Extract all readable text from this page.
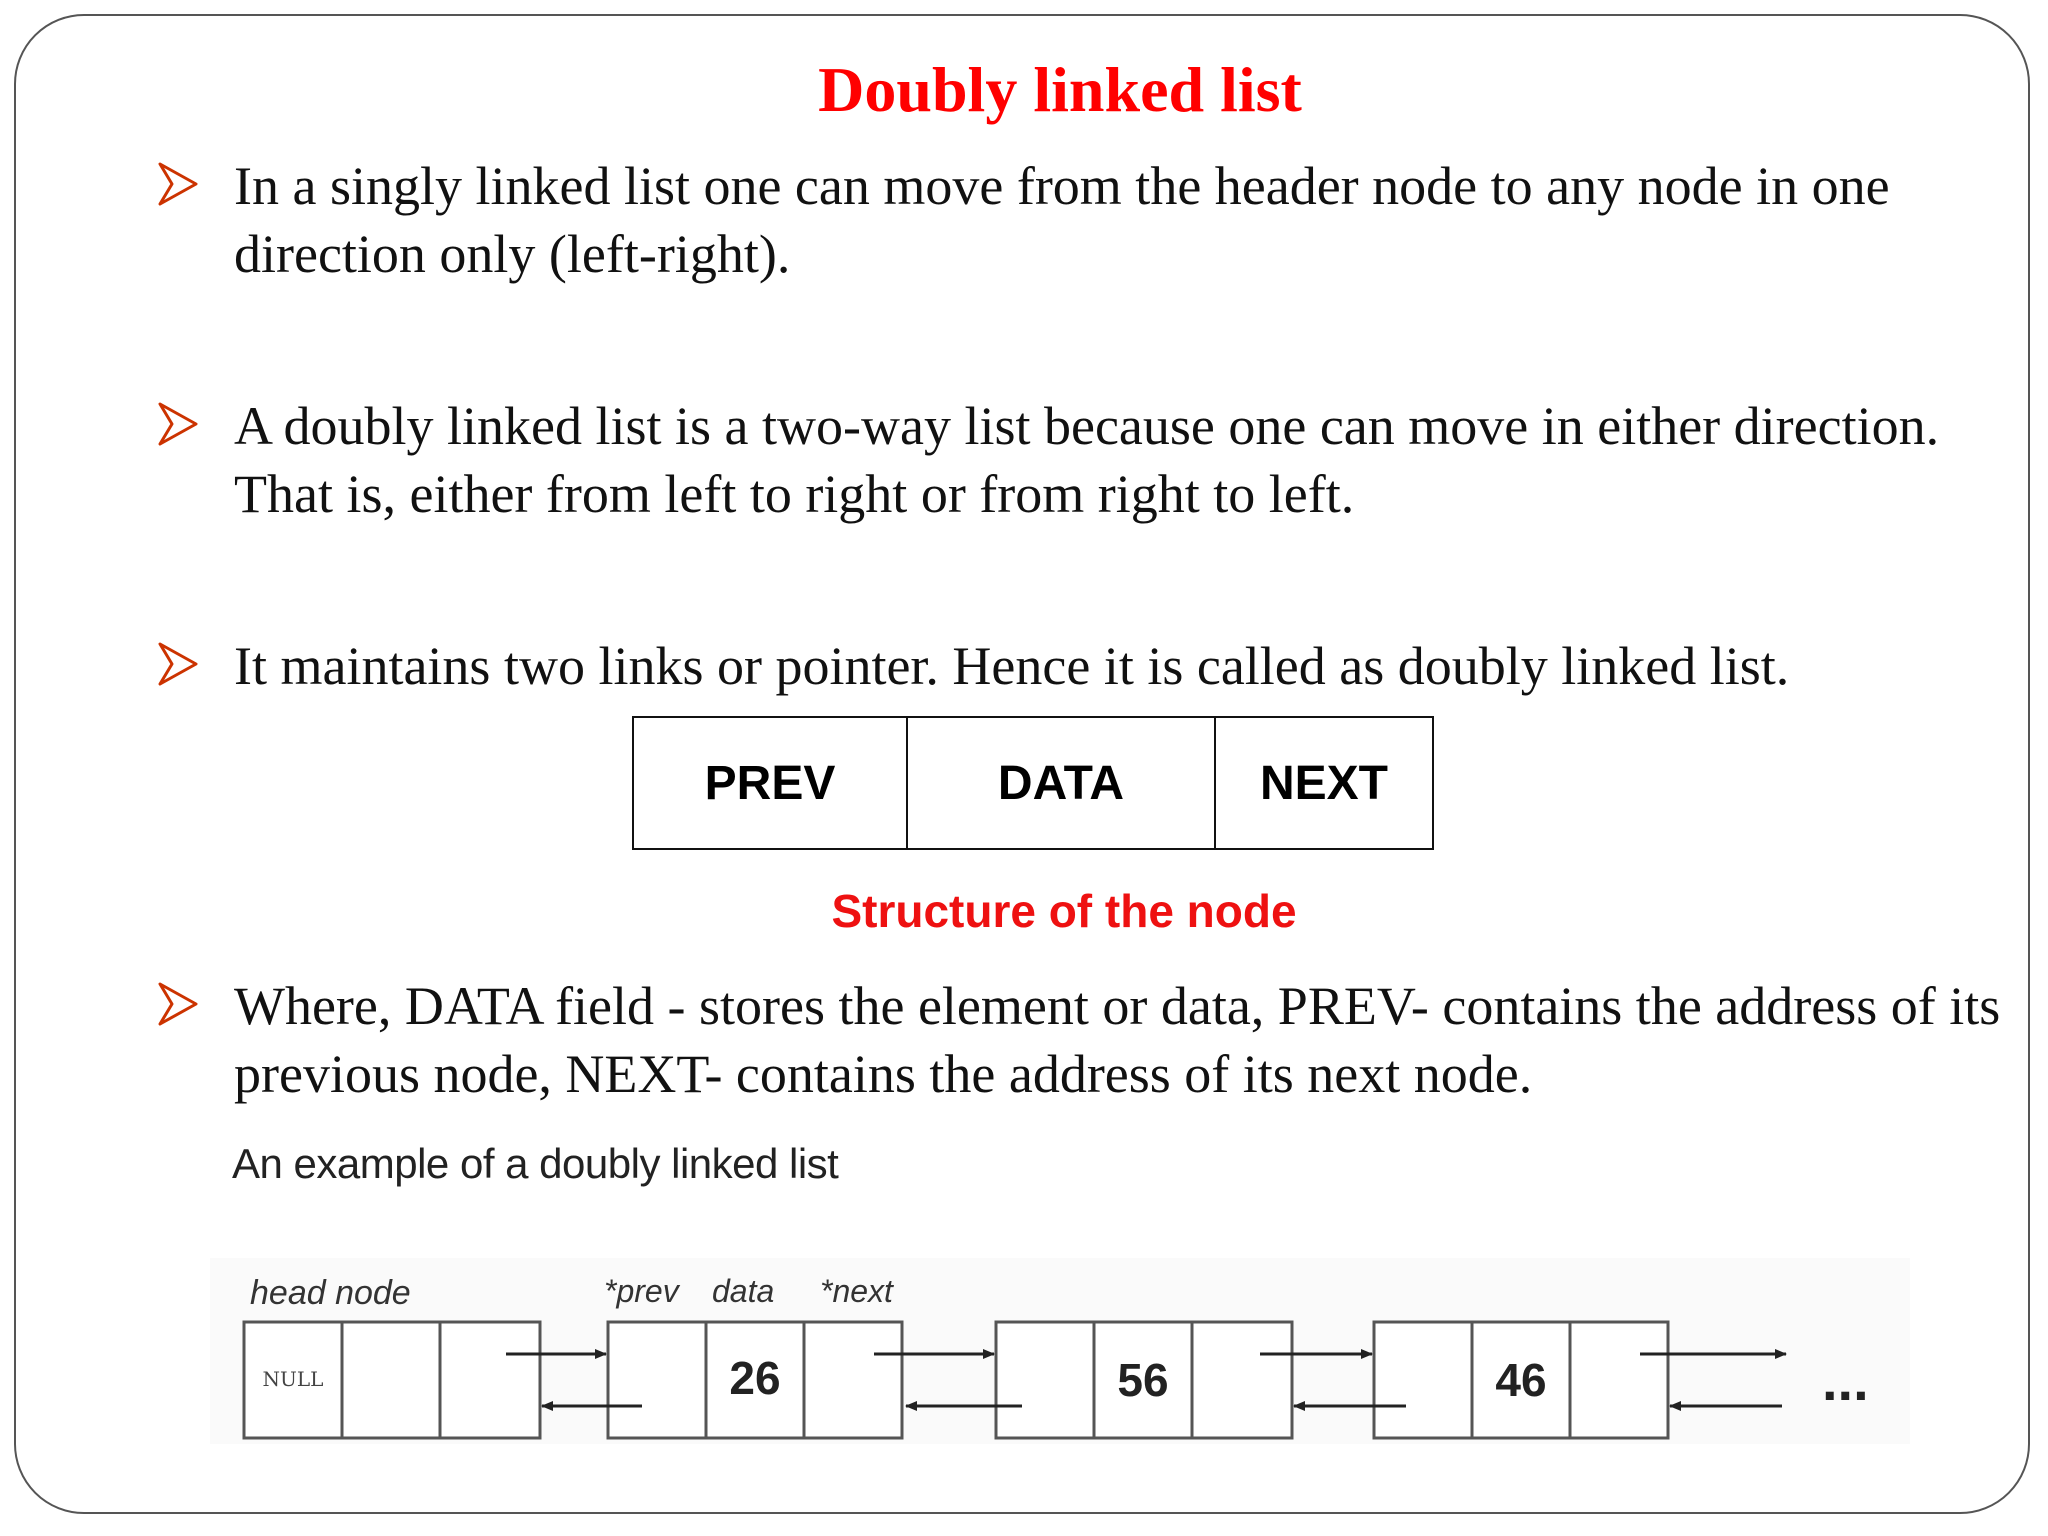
Doubly linked list
In a singly linked list one can move from the header node to any node in one direction only (left-right).
A doubly linked list is a two-way list because one can move in either direction. That is, either from left to right or from right to left.
It maintains two links or pointer. Hence it is called as doubly linked list.
PREV	DATA	NEXT
Structure of the node
Where, DATA field - stores the element or data, PREV- contains the address of its previous node, NEXT- contains the address of its next node.
An example of a doubly linked list
head node	*prev data *next
NULL	26	56	46	...
